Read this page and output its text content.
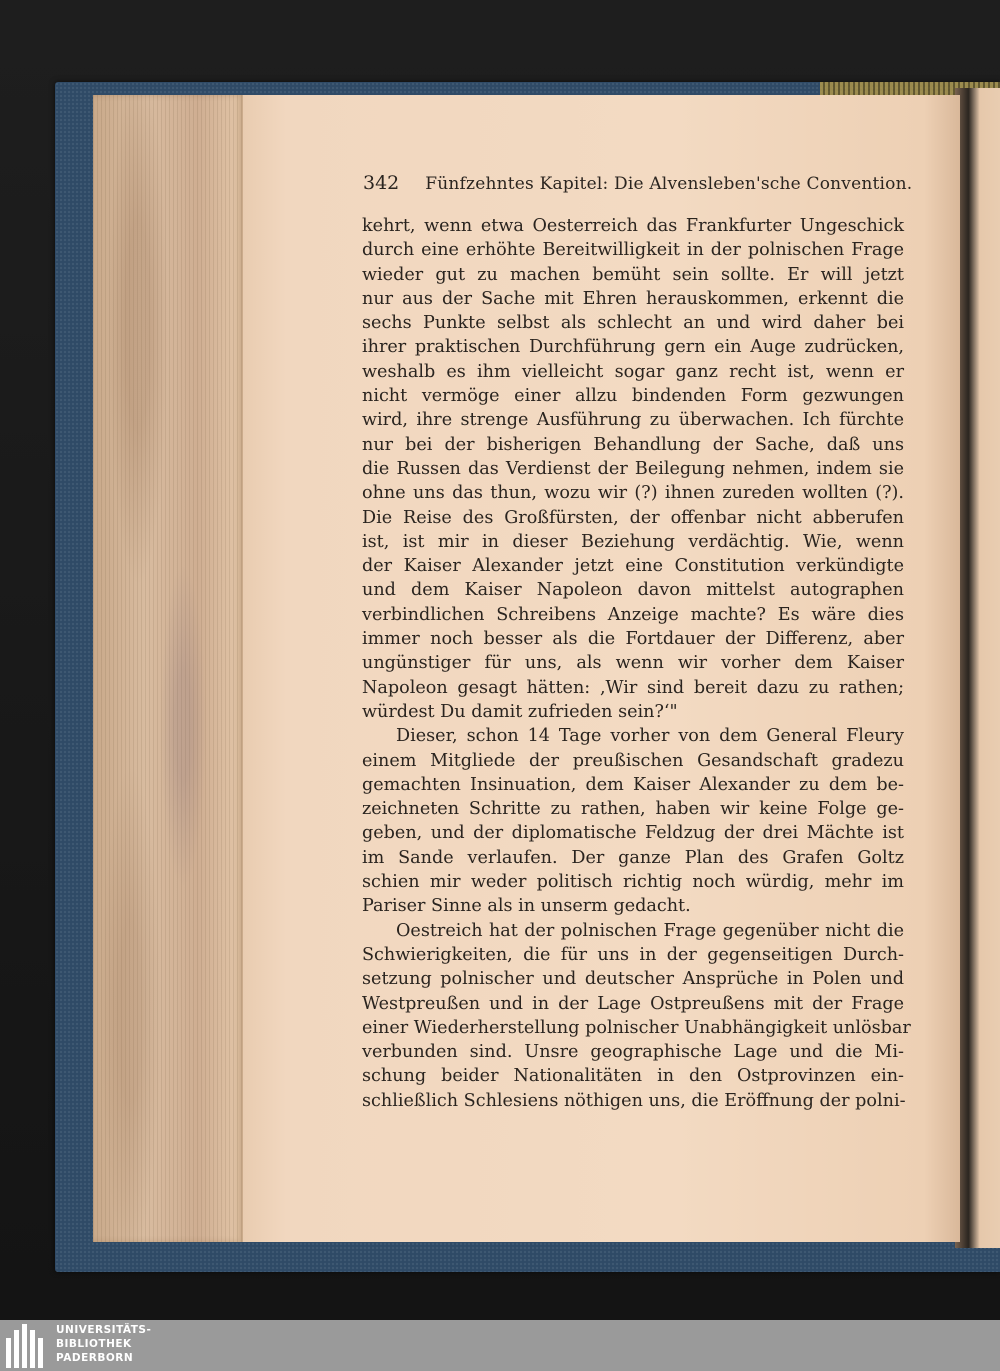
342 Fünfzehntes Kapitel: Die Alvensleben'sche Convention.
kehrt, wenn etwa Oesterreich das Frankfurter Ungeschick
durch eine erhöhte Bereitwilligkeit in der polnischen Frage
wieder gut zu machen bemüht sein sollte. Er will jetzt
nur aus der Sache mit Ehren herauskommen, erkennt die
sechs Punkte selbst als schlecht an und wird daher bei
ihrer praktischen Durchführung gern ein Auge zudrücken,
weshalb es ihm vielleicht sogar ganz recht ist, wenn er
nicht vermöge einer allzu bindenden Form gezwungen
wird, ihre strenge Ausführung zu überwachen. Ich fürchte
nur bei der bisherigen Behandlung der Sache, daß uns
die Russen das Verdienst der Beilegung nehmen, indem sie
ohne uns das thun, wozu wir (?) ihnen zureden wollten (?).
Die Reise des Großfürsten, der offenbar nicht abberufen
ist, ist mir in dieser Beziehung verdächtig. Wie, wenn
der Kaiser Alexander jetzt eine Constitution verkündigte
und dem Kaiser Napoleon davon mittelst autographen
verbindlichen Schreibens Anzeige machte? Es wäre dies
immer noch besser als die Fortdauer der Differenz, aber
ungünstiger für uns, als wenn wir vorher dem Kaiser
Napoleon gesagt hätten: ‚Wir sind bereit dazu zu rathen;
würdest Du damit zufrieden sein?‘"
Dieser, schon 14 Tage vorher von dem General Fleury
einem Mitgliede der preußischen Gesandschaft gradezu
gemachten Insinuation, dem Kaiser Alexander zu dem be-
zeichneten Schritte zu rathen, haben wir keine Folge ge-
geben, und der diplomatische Feldzug der drei Mächte ist
im Sande verlaufen. Der ganze Plan des Grafen Goltz
schien mir weder politisch richtig noch würdig, mehr im
Pariser Sinne als in unserm gedacht.
Oestreich hat der polnischen Frage gegenüber nicht die
Schwierigkeiten, die für uns in der gegenseitigen Durch-
setzung polnischer und deutscher Ansprüche in Polen und
Westpreußen und in der Lage Ostpreußens mit der Frage
einer Wiederherstellung polnischer Unabhängigkeit unlösbar
verbunden sind. Unsre geographische Lage und die Mi-
schung beider Nationalitäten in den Ostprovinzen ein-
schließlich Schlesiens nöthigen uns, die Eröffnung der polni-
UNIVERSITÄTS-
BIBLIOTHEK
PADERBORN
